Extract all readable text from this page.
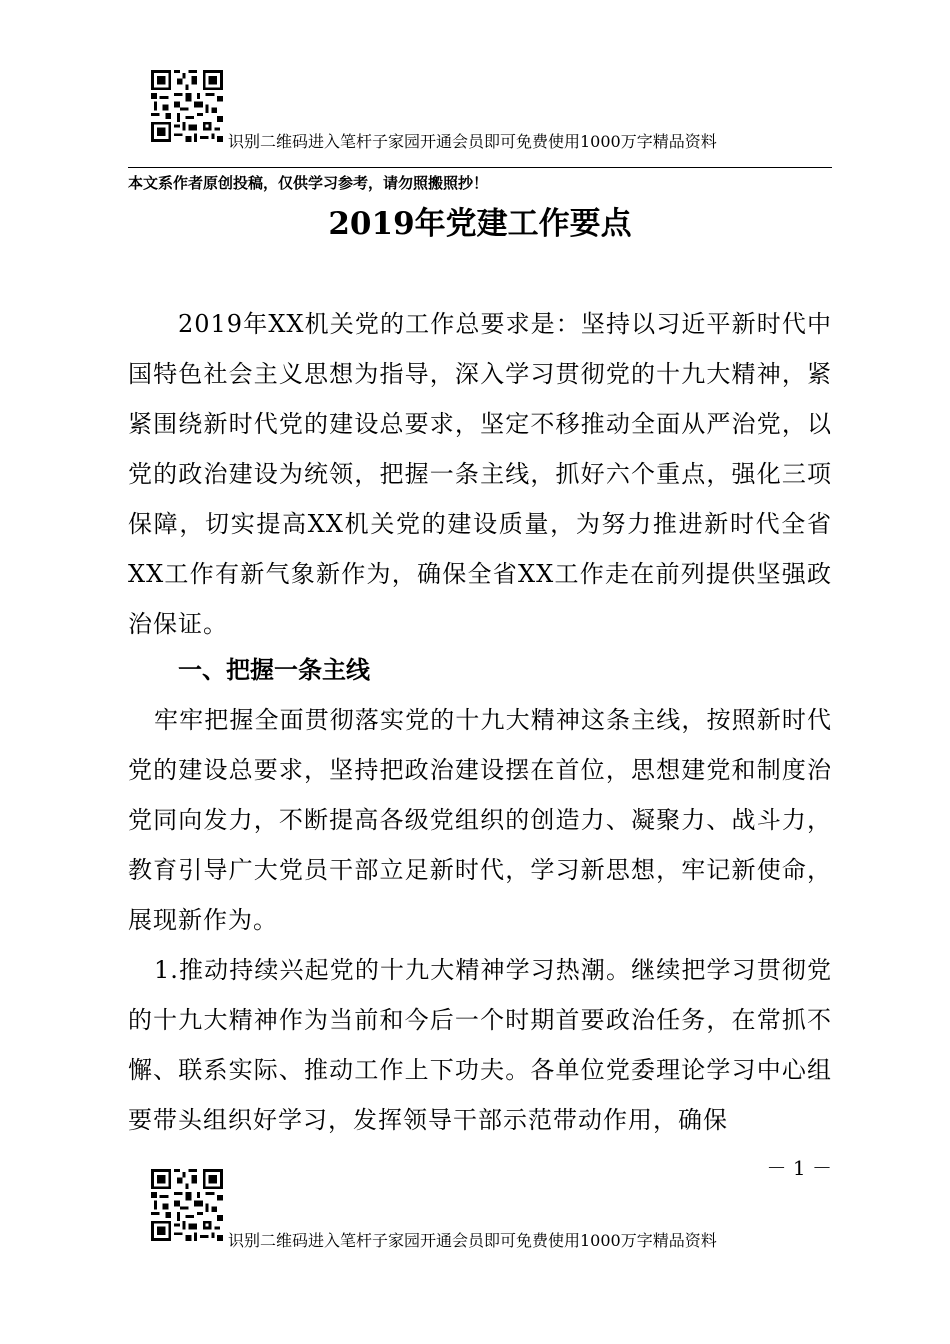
识别二维码进入笔杆子家园开通会员即可免费使用1000万字精品资料
本文系作者原创投稿，仅供学习参考，请勿照搬照抄！
2019年党建工作要点
2019年XX机关党的工作总要求是：坚持以习近平新时代中国特色社会主义思想为指导，深入学习贯彻党的十九大精神，紧紧围绕新时代党的建设总要求，坚定不移推动全面从严治党，以党的政治建设为统领，把握一条主线，抓好六个重点，强化三项保障，切实提高XX机关党的建设质量，为努力推进新时代全省XX工作有新气象新作为，确保全省XX工作走在前列提供坚强政治保证。
一、把握一条主线
牢牢把握全面贯彻落实党的十九大精神这条主线，按照新时代党的建设总要求，坚持把政治建设摆在首位，思想建党和制度治党同向发力，不断提高各级党组织的创造力、凝聚力、战斗力，教育引导广大党员干部立足新时代，学习新思想，牢记新使命，展现新作为。
1.推动持续兴起党的十九大精神学习热潮。继续把学习贯彻党的十九大精神作为当前和今后一个时期首要政治任务，在常抓不懈、联系实际、推动工作上下功夫。各单位党委理论学习中心组要带头组织好学习，发挥领导干部示范带动作用，确保
－ 1 －
识别二维码进入笔杆子家园开通会员即可免费使用1000万字精品资料
